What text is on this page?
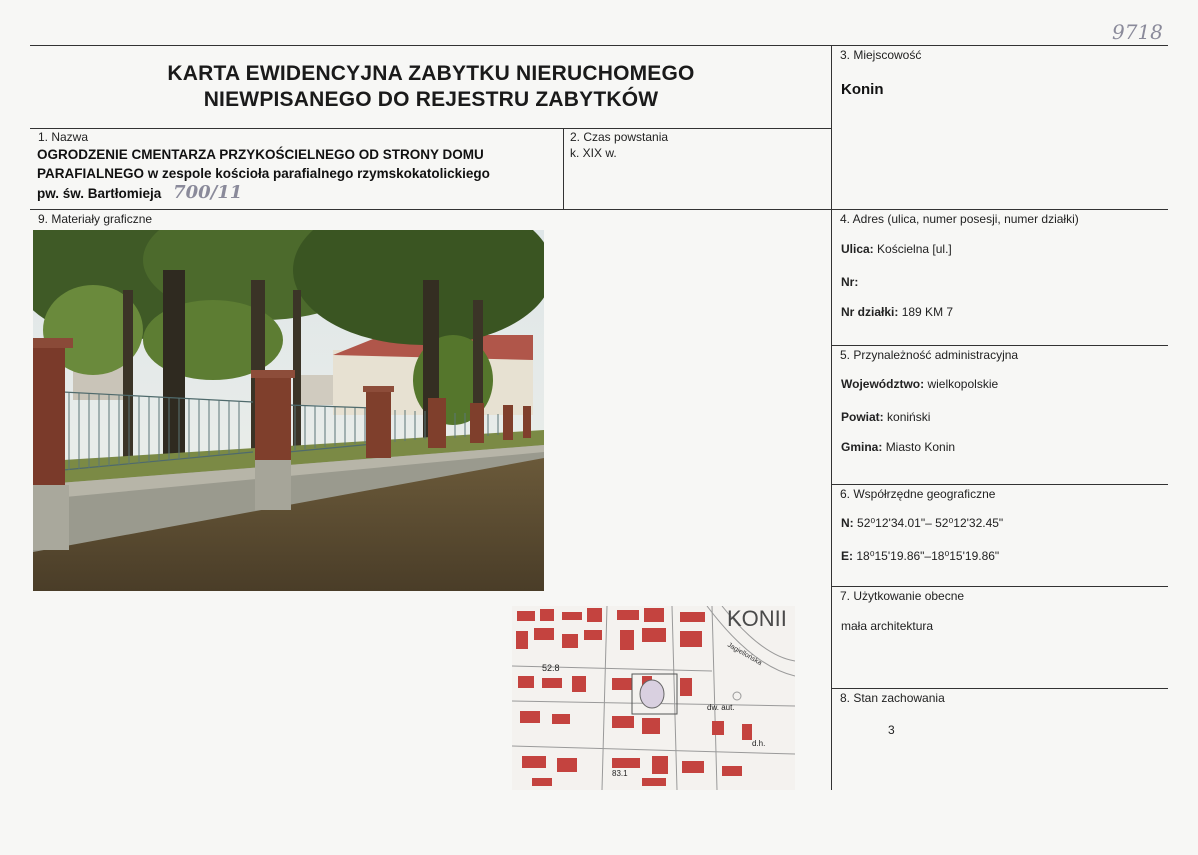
9718
KARTA EWIDENCYJNA ZABYTKU NIERUCHOMEGO
NIEWPISANEGO DO REJESTRU ZABYTKÓW
1. Nazwa
OGRODZENIE CMENTARZA PRZYKOŚCIELNEGO OD STRONY DOMU
PARAFIALNEGO w zespole kościoła parafialnego rzymskokatolickiego
pw. św. Bartłomieja 700/11
2. Czas powstania
k. XIX w.
3. Miejscowość
Konin
4. Adres (ulica, numer posesji, numer działki)
Ulica: Kościelna [ul.]
Nr:
Nr działki: 189 KM 7
5. Przynależność administracyjna
Województwo: wielkopolskie
Powiat: koniński
Gmina: Miasto Konin
6. Współrzędne geograficzne
N: 52⁰12'34.01"– 52⁰12'32.45"
E: 18⁰15'19.86"–18⁰15'19.86"
7. Użytkowanie obecne
mała architektura
8. Stan zachowania
3
9. Materiały graficzne
KONII
52.8
dw. aut.
d.h.
83.1
Jagiellońska
